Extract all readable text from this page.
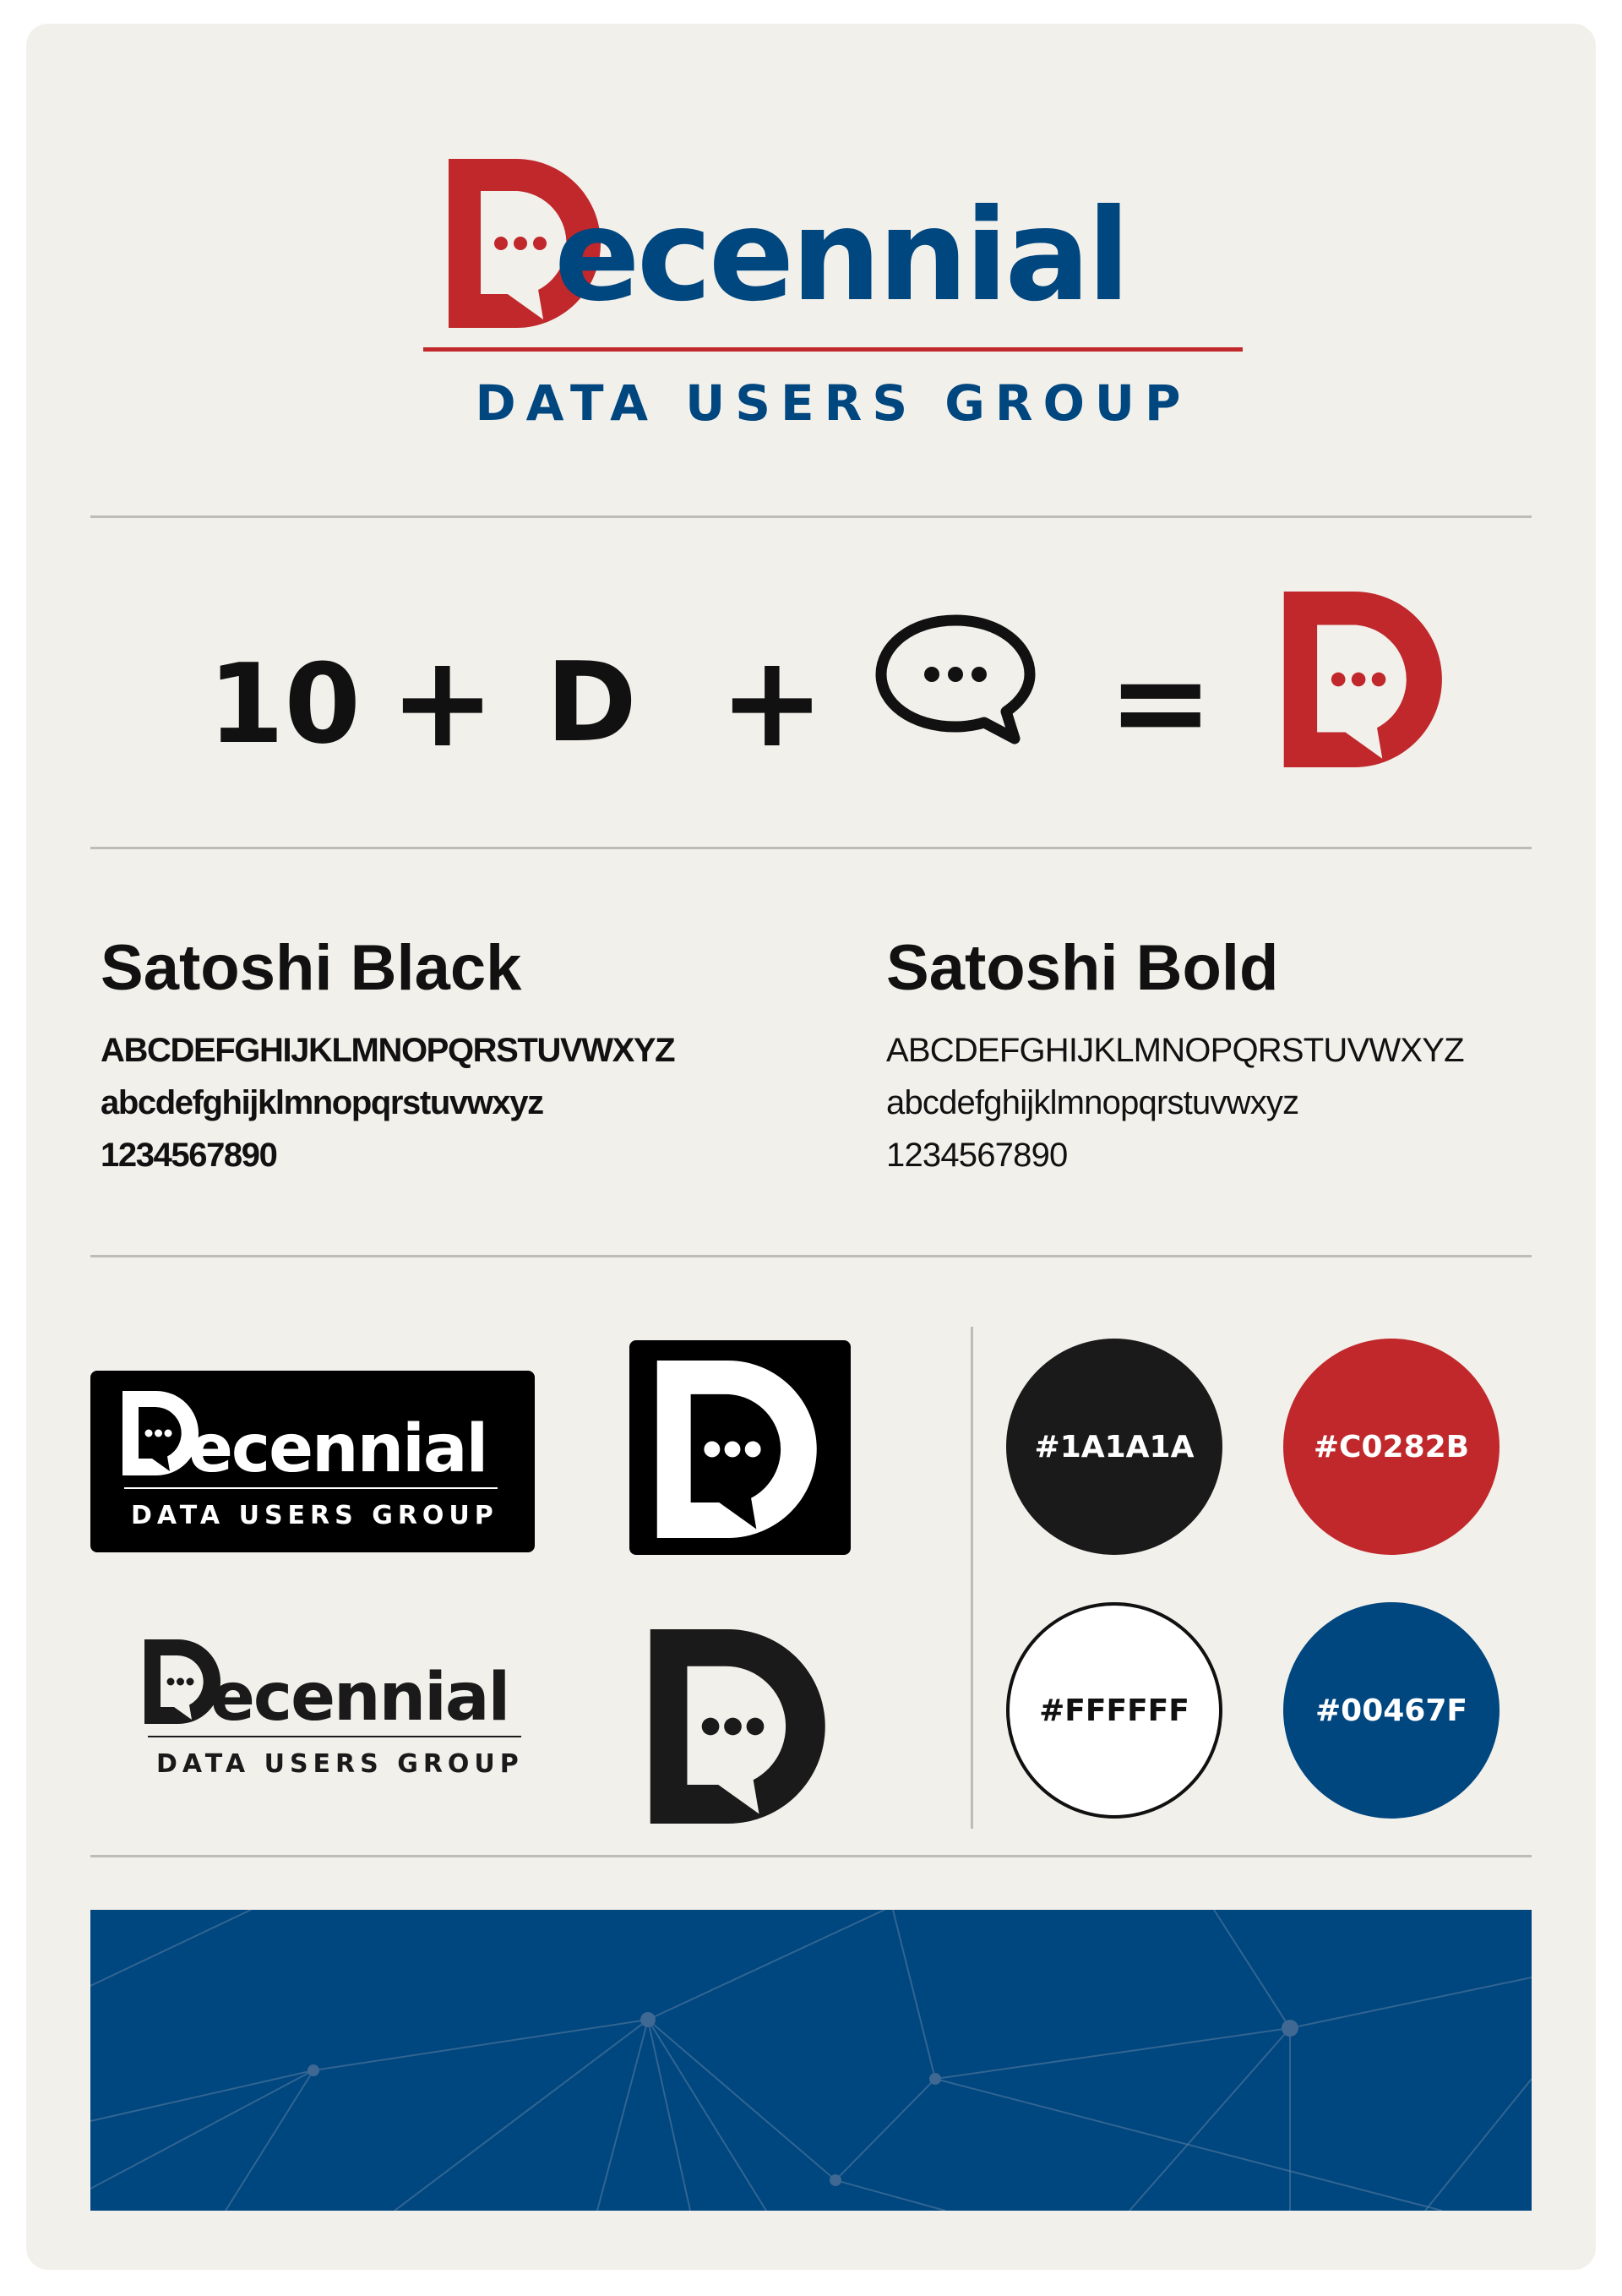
ecennial
DATA USERS GROUP
10 + D + =
Satoshi Black
ABCDEFGHIJKLMNOPQRSTUVWXYZ
abcdefghijklmnopqrstuvwxyz
1234567890
Satoshi Bold
ABCDEFGHIJKLMNOPQRSTUVWXYZ
abcdefghijklmnopqrstuvwxyz
1234567890
ecennial
DATA USERS GROUP
ecennial
DATA USERS GROUP
#1A1A1A	#C0282B
#FFFFFF	#00467F
